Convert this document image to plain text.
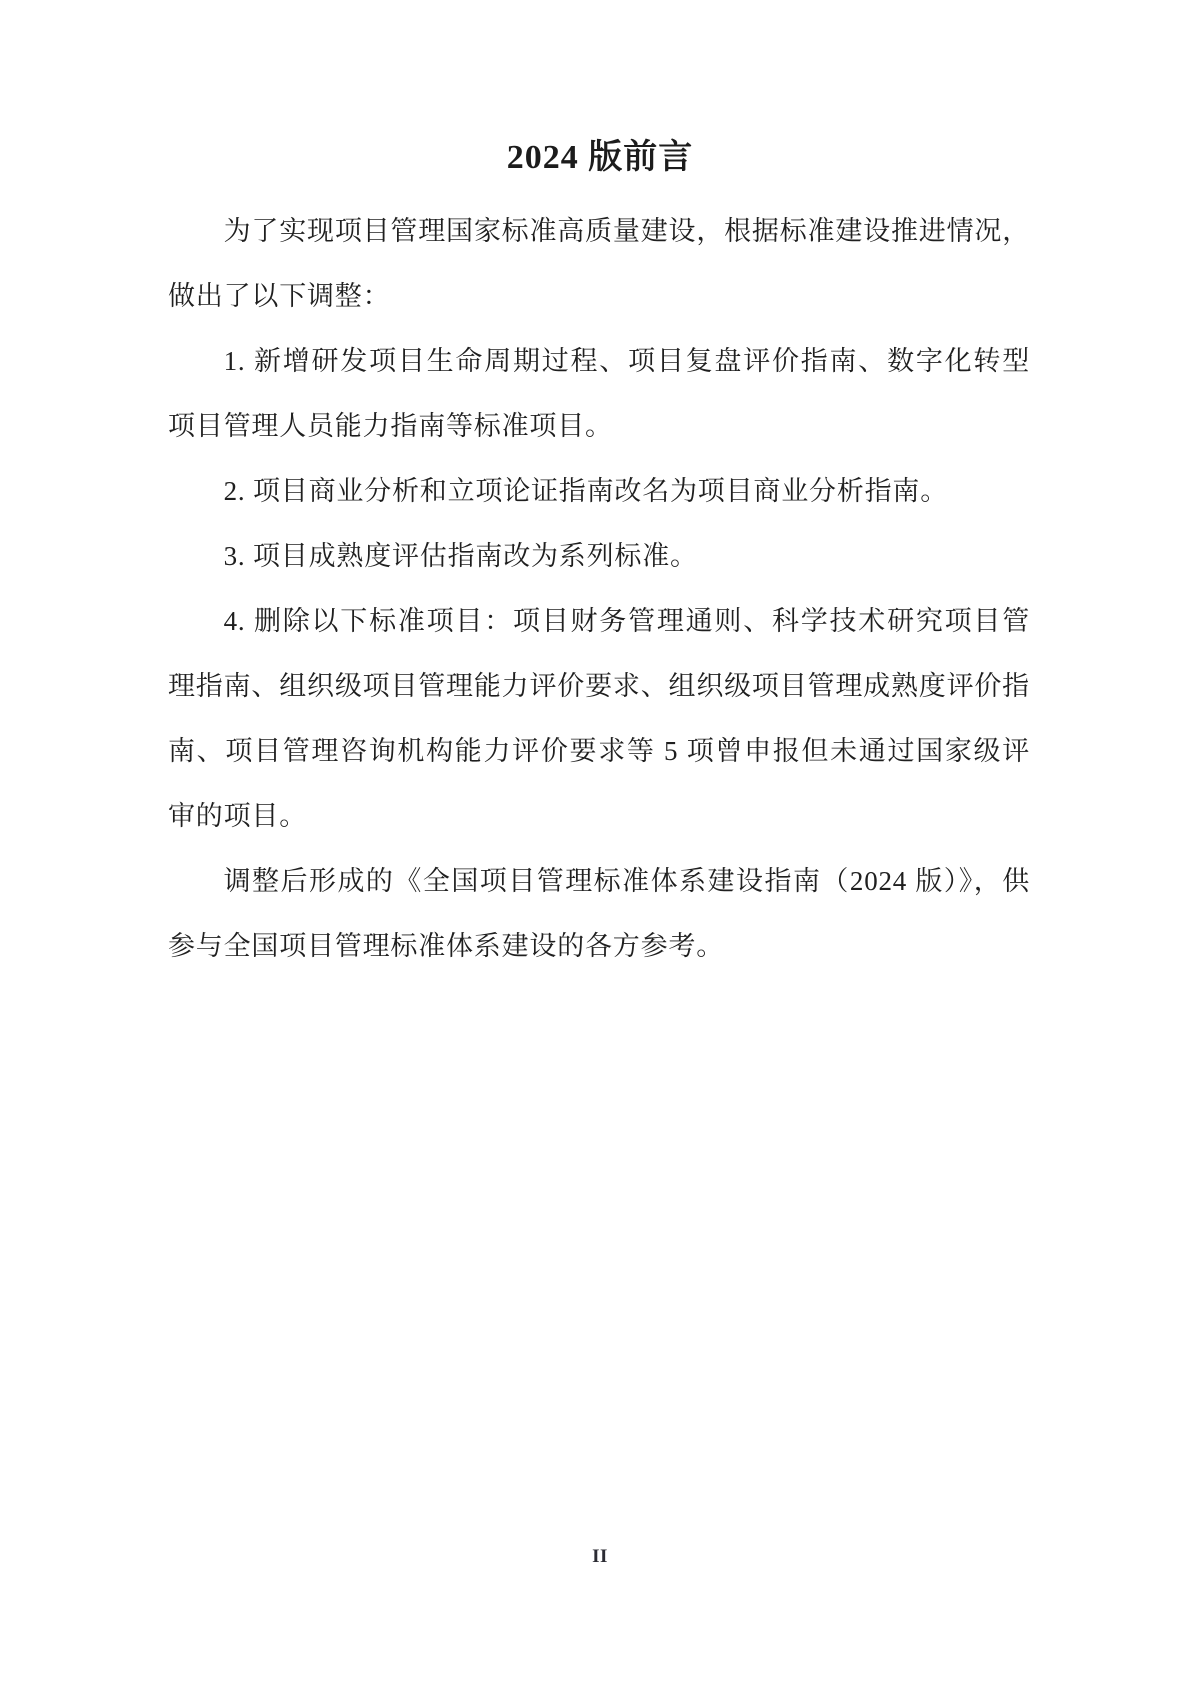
2024 版前言

为了实现项目管理国家标准高质量建设，根据标准建设推进情况，做出了以下调整：

1. 新增研发项目生命周期过程、项目复盘评价指南、数字化转型项目管理人员能力指南等标准项目。

2. 项目商业分析和立项论证指南改名为项目商业分析指南。

3. 项目成熟度评估指南改为系列标准。

4. 删除以下标准项目：项目财务管理通则、科学技术研究项目管理指南、组织级项目管理能力评价要求、组织级项目管理成熟度评价指南、项目管理咨询机构能力评价要求等 5 项曾申报但未通过国家级评审的项目。

调整后形成的《全国项目管理标准体系建设指南（2024 版）》，供参与全国项目管理标准体系建设的各方参考。

II
